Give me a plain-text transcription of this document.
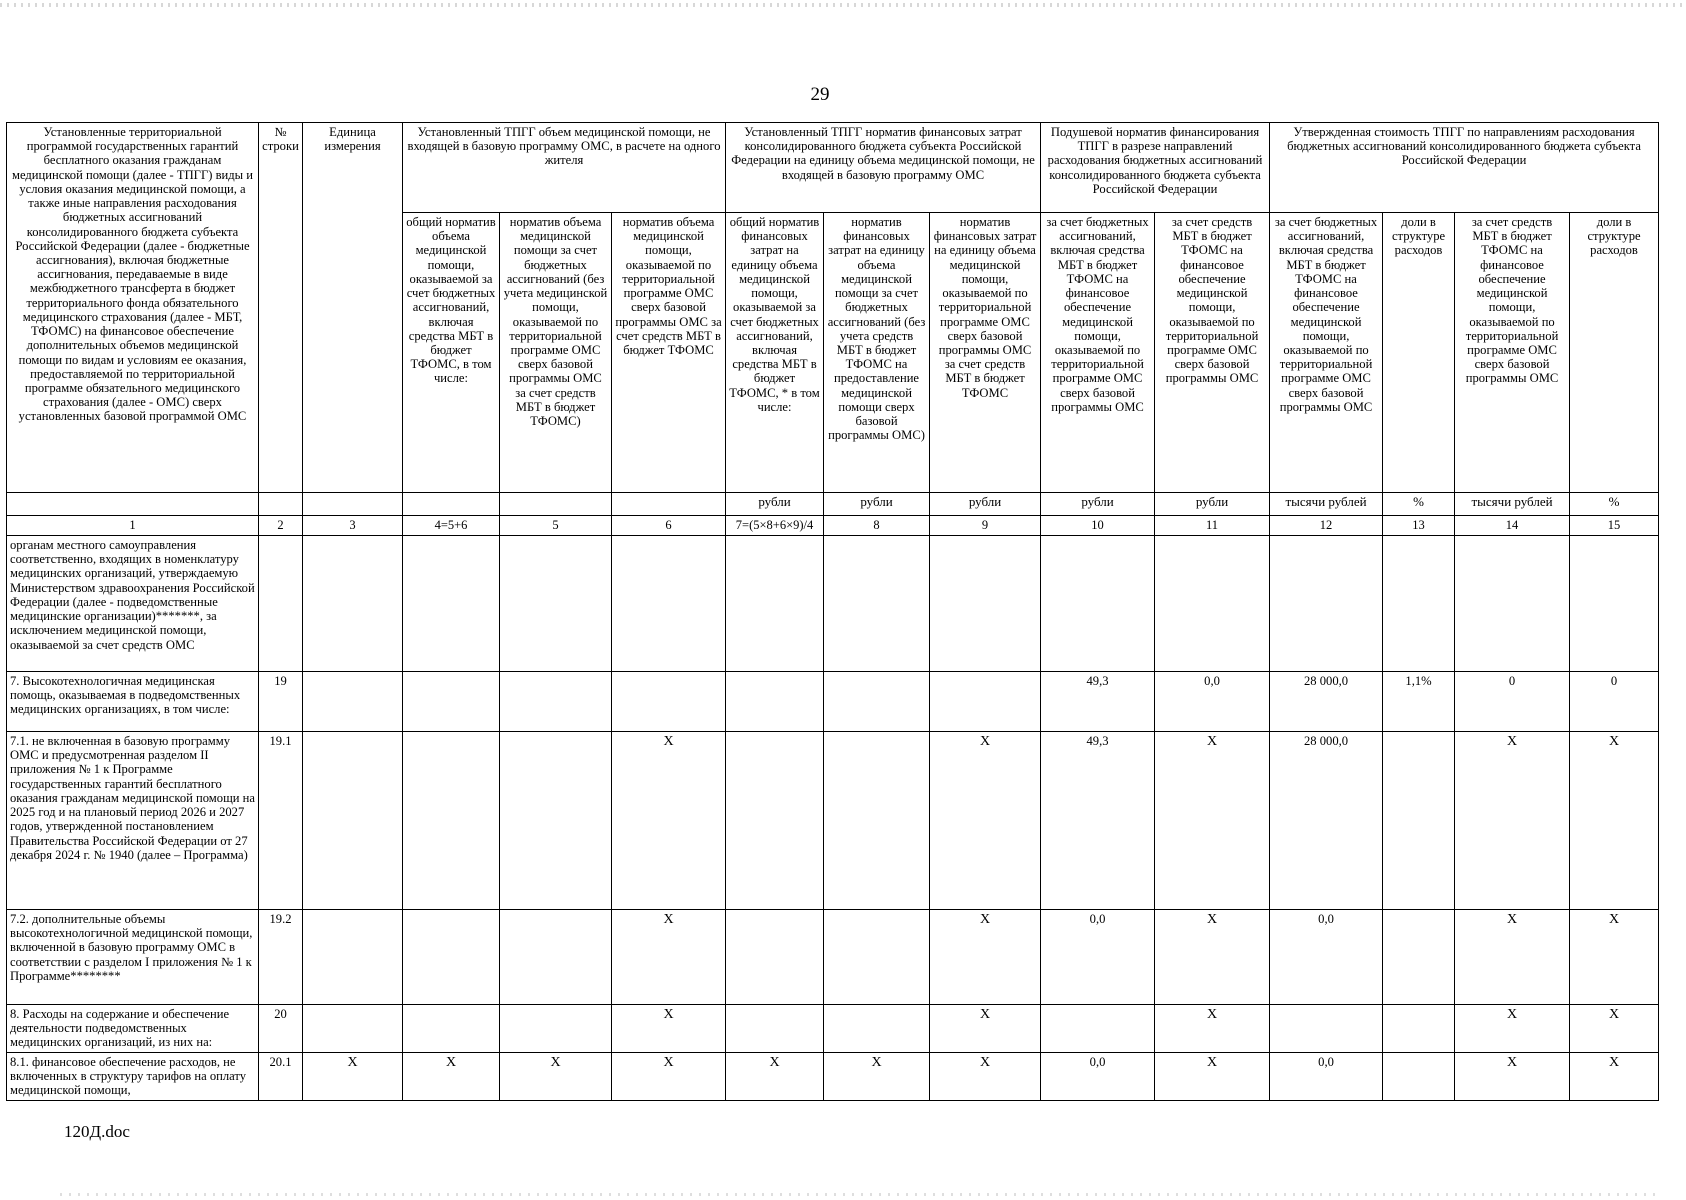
29
Установленные территориальной программой государственных гарантий бесплатного оказания гражданам медицинской помощи (далее - ТПГГ) виды и условия оказания медицинской помощи, а также иные направления расходования бюджетных ассигнований консолидированного бюджета субъекта Российской Федерации (далее - бюджетные ассигнования), включая бюджетные ассигнования, передаваемые в виде межбюджетного трансферта в бюджет территориального фонда обязательного медицинского страхования (далее - МБТ, ТФОМС) на финансовое обеспечение дополнительных объемов медицинской помощи по видам и условиям ее оказания, предоставляемой по территориальной программе обязательного медицинского страхования (далее - ОМС) сверх установленных базовой программой ОМС	№ строки	Единица измерения	Установленный ТПГГ объем медицинской помощи, не входящей в базовую программу ОМС, в расчете на одного жителя			Установленный ТПГГ норматив финансовых затрат консолидированного бюджета субъекта Российской Федерации на единицу объема медицинской помощи, не входящей в базовую программу ОМС			Подушевой норматив финансирования ТПГГ в разрезе направлений расходования бюджетных ассигнований консолидированного бюджета субъекта Российской Федерации		Утвержденная стоимость ТПГГ по направлениям расходования бюджетных ассигнований консолидированного бюджета субъекта Российской Федерации			
			общий норматив объема медицинской помощи, оказываемой за счет бюджетных ассигнований, включая средства МБТ в бюджет ТФОМС, в том числе:	норматив объема медицинской помощи за счет бюджетных ассигнований (без учета медицинской помощи, оказываемой по территориальной программе ОМС сверх базовой программы ОМС за счет средств МБТ в бюджет ТФОМС)	норматив объема медицинской помощи, оказываемой по территориальной программе ОМС сверх базовой программы ОМС за счет средств МБТ в бюджет ТФОМС	общий норматив финансовых затрат на единицу объема медицинской помощи, оказываемой за счет бюджетных ассигнований, включая средства МБТ в бюджет ТФОМС, * в том числе:	норматив финансовых затрат на единицу объема медицинской помощи за счет бюджетных ассигнований (без учета средств МБТ в бюджет ТФОМС на предоставление медицинской помощи сверх базовой программы ОМС)	норматив финансовых затрат на единицу объема медицинской помощи, оказываемой по территориальной программе ОМС сверх базовой программы ОМС за счет средств МБТ в бюджет ТФОМС	за счет бюджетных ассигнований, включая средства МБТ в бюджет ТФОМС на финансовое обеспечение медицинской помощи, оказываемой по территориальной программе ОМС сверх базовой программы ОМС	за счет средств МБТ в бюджет ТФОМС на финансовое обеспечение медицинской помощи, оказываемой по территориальной программе ОМС сверх базовой программы ОМС	за счет бюджетных ассигнований, включая средства МБТ в бюджет ТФОМС на финансовое обеспечение медицинской помощи, оказываемой по территориальной программе ОМС сверх базовой программы ОМС	доли в структуре расходов	за счет средств МБТ в бюджет ТФОМС на финансовое обеспечение медицинской помощи, оказываемой по территориальной программе ОМС сверх базовой программы ОМС	доли в структуре расходов
						рубли	рубли	рубли	рубли	рубли	тысячи рублей	%	тысячи рублей	%
1	2	3	4=5+6	5	6	7=(5×8+6×9)/4	8	9	10	11	12	13	14	15
органам местного самоуправления соответственно, входящих в номенклатуру медицинских организаций, утверждаемую Министерством здравоохранения Российской Федерации (далее - подведомственные медицинские организации)*******, за исключением медицинской помощи, оказываемой за счет средств ОМС														
7. Высокотехнологичная медицинская помощь, оказываемая в подведомственных медицинских организациях, в том числе:	19								49,3	0,0	28 000,0	1,1%	0	0
7.1. не включенная в базовую программу ОМС и предусмотренная разделом II приложения № 1 к Программе государственных гарантий бесплатного оказания гражданам медицинской помощи на 2025 год и на плановый период 2026 и 2027 годов, утвержденной постановлением Правительства Российской Федерации от 27 декабря 2024 г. № 1940 (далее – Программа)	19.1				X			X	49,3	X	28 000,0		X	X
7.2. дополнительные объемы высокотехнологичной медицинской помощи, включенной в базовую программу ОМС в соответствии с разделом I приложения № 1 к Программе********	19.2				X			X	0,0	X	0,0		X	X
8. Расходы на содержание и обеспечение деятельности подведомственных медицинских организаций, из них на:	20				X			X		X			X	X
8.1. финансовое обеспечение расходов, не включенных в структуру тарифов на оплату медицинской помощи,	20.1	X	X	X	X	X	X	X	0,0	X	0,0		X	X
120Д.doc
